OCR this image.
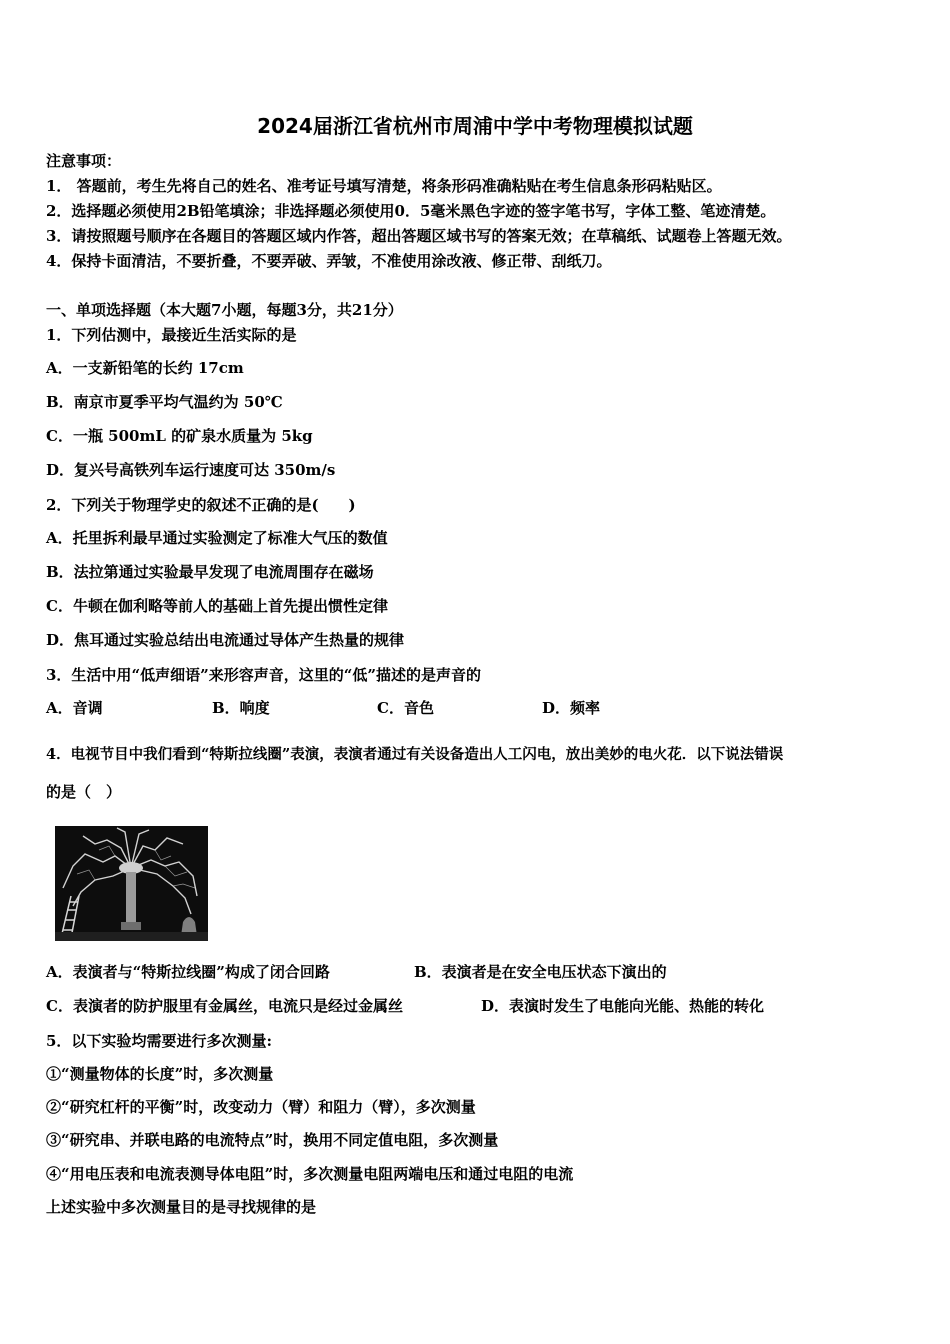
2024届浙江省杭州市周浦中学中考物理模拟试题
注意事项：
1． 答题前，考生先将自己的姓名、准考证号填写清楚，将条形码准确粘贴在考生信息条形码粘贴区。
2．选择题必须使用2B铅笔填涂；非选择题必须使用0．5毫米黑色字迹的签字笔书写，字体工整、笔迹清楚。
3．请按照题号顺序在各题目的答题区域内作答，超出答题区域书写的答案无效；在草稿纸、试题卷上答题无效。
4．保持卡面清洁，不要折叠，不要弄破、弄皱，不准使用涂改液、修正带、刮纸刀。
一、单项选择题（本大题7小题，每题3分，共21分）
1．下列估测中，最接近生活实际的是
A．一支新铅笔的长约 17cm
B．南京市夏季平均气温约为 50℃
C．一瓶 500mL 的矿泉水质量为 5kg
D．复兴号高铁列车运行速度可达 350m/s
2．下列关于物理学史的叙述不正确的是(　　)
A．托里拆利最早通过实验测定了标准大气压的数值
B．法拉第通过实验最早发现了电流周围存在磁场
C．牛顿在伽利略等前人的基础上首先提出惯性定律
D．焦耳通过实验总结出电流通过导体产生热量的规律
3．生活中用“低声细语”来形容声音，这里的“低”描述的是声音的
A．音调	B．响度	C．音色	D．频率
4．电视节目中我们看到“特斯拉线圈”表演，表演者通过有关设备造出人工闪电，放出美妙的电火花．以下说法错误
的是（　）
A．表演者与“特斯拉线圈”构成了闭合回路	B．表演者是在安全电压状态下演出的
C．表演者的防护服里有金属丝，电流只是经过金属丝	D．表演时发生了电能向光能、热能的转化
5．以下实验均需要进行多次测量:
①“测量物体的长度”时，多次测量
②“研究杠杆的平衡”时，改变动力（臂）和阻力（臂），多次测量
③“研究串、并联电路的电流特点”时，换用不同定值电阻，多次测量
④“用电压表和电流表测导体电阻”时，多次测量电阻两端电压和通过电阻的电流
上述实验中多次测量目的是寻找规律的是
